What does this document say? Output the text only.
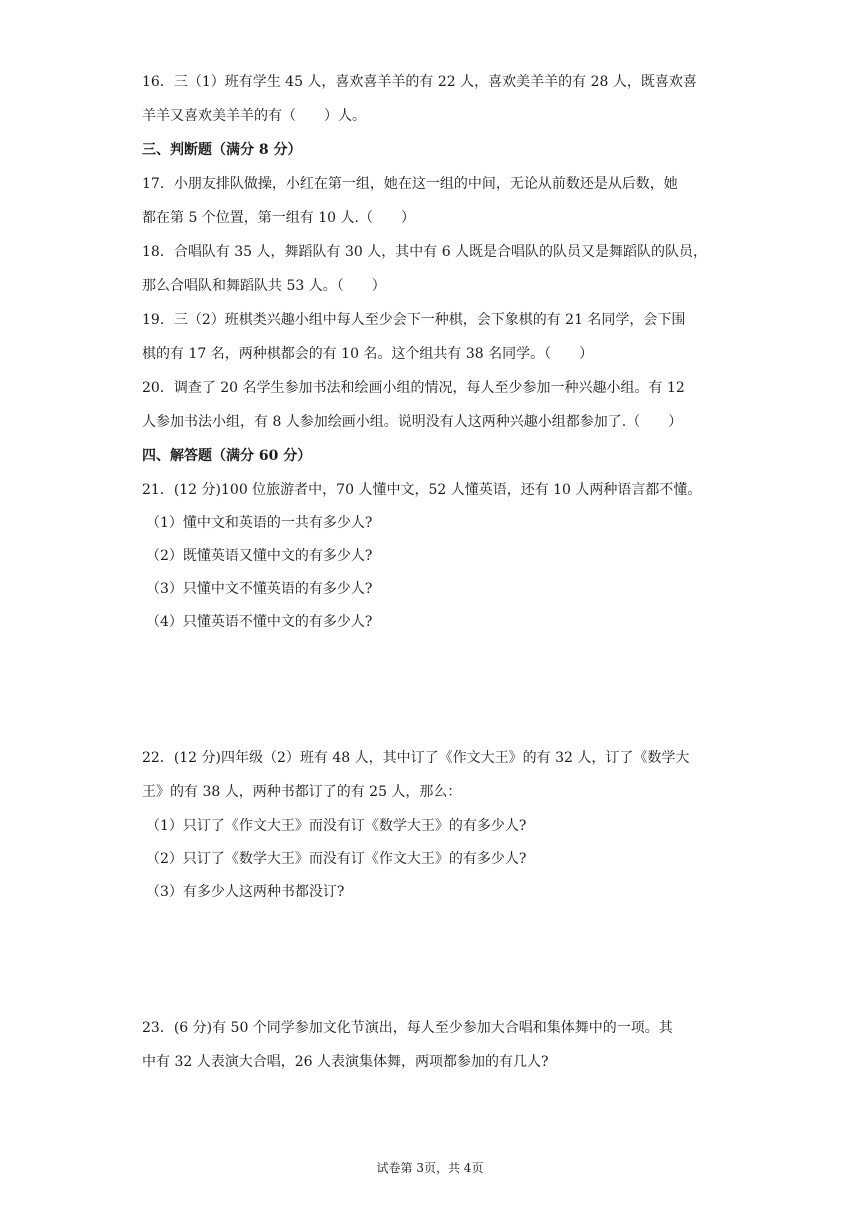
16．三（1）班有学生 45 人，喜欢喜羊羊的有 22 人，喜欢美羊羊的有 28 人，既喜欢喜
羊羊又喜欢美羊羊的有（　　）人。
三、判断题（满分 8 分）
17．小朋友排队做操，小红在第一组，她在这一组的中间，无论从前数还是从后数，她
都在第 5 个位置，第一组有 10 人.（　　）
18．合唱队有 35 人，舞蹈队有 30 人，其中有 6 人既是合唱队的队员又是舞蹈队的队员，
那么合唱队和舞蹈队共 53 人。（　　）
19．三（2）班棋类兴趣小组中每人至少会下一种棋，会下象棋的有 21 名同学，会下围
棋的有 17 名，两种棋都会的有 10 名。这个组共有 38 名同学。（　　）
20．调查了 20 名学生参加书法和绘画小组的情况，每人至少参加一种兴趣小组。有 12
人参加书法小组，有 8 人参加绘画小组。说明没有人这两种兴趣小组都参加了.（　　）
四、解答题（满分 60 分）
21．(12 分)100 位旅游者中，70 人懂中文，52 人懂英语，还有 10 人两种语言都不懂。
（1）懂中文和英语的一共有多少人?
（2）既懂英语又懂中文的有多少人?
（3）只懂中文不懂英语的有多少人?
（4）只懂英语不懂中文的有多少人?
22．(12 分)四年级（2）班有 48 人，其中订了《作文大王》的有 32 人，订了《数学大
王》的有 38 人，两种书都订了的有 25 人，那么：
（1）只订了《作文大王》而没有订《数学大王》的有多少人?
（2）只订了《数学大王》而没有订《作文大王》的有多少人?
（3）有多少人这两种书都没订?
23．(6 分)有 50 个同学参加文化节演出，每人至少参加大合唱和集体舞中的一项。其
中有 32 人表演大合唱，26 人表演集体舞，两项都参加的有几人?
试卷第 3页，共 4页
